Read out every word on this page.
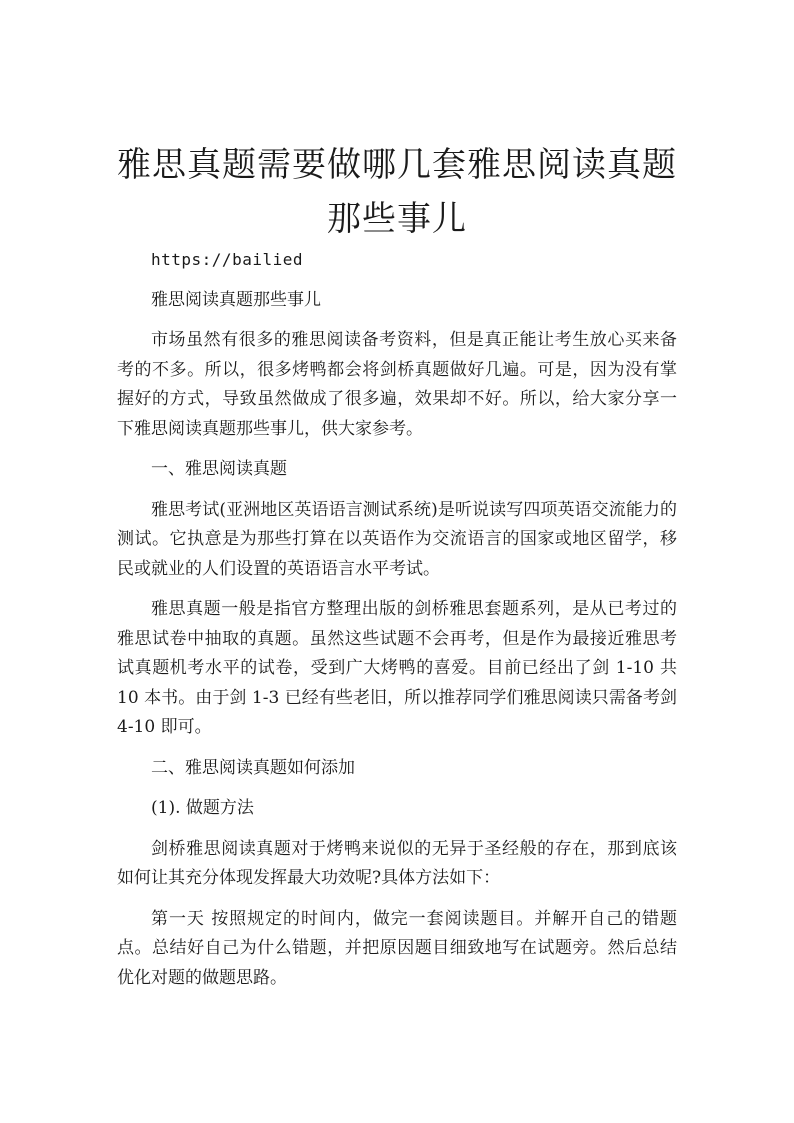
雅思真题需要做哪几套雅思阅读真题那些事儿

https://bailied

雅思阅读真题那些事儿

市场虽然有很多的雅思阅读备考资料，但是真正能让考生放心买来备考的不多。所以，很多烤鸭都会将剑桥真题做好几遍。可是，因为没有掌握好的方式，导致虽然做成了很多遍，效果却不好。所以，给大家分享一下雅思阅读真题那些事儿，供大家参考。

一、雅思阅读真题

雅思考试(亚洲地区英语语言测试系统)是听说读写四项英语交流能力的测试。它执意是为那些打算在以英语作为交流语言的国家或地区留学，移民或就业的人们设置的英语语言水平考试。

雅思真题一般是指官方整理出版的剑桥雅思套题系列，是从已考过的雅思试卷中抽取的真题。虽然这些试题不会再考，但是作为最接近雅思考试真题机考水平的试卷，受到广大烤鸭的喜爱。目前已经出了剑 1-10 共 10 本书。由于剑 1-3 已经有些老旧，所以推荐同学们雅思阅读只需备考剑 4-10 即可。

二、雅思阅读真题如何添加

(1). 做题方法

剑桥雅思阅读真题对于烤鸭来说似的无异于圣经般的存在，那到底该如何让其充分体现发挥最大功效呢?具体方法如下：

第一天 按照规定的时间内，做完一套阅读题目。并解开自己的错题点。总结好自己为什么错题，并把原因题目细致地写在试题旁。然后总结优化对题的做题思路。
